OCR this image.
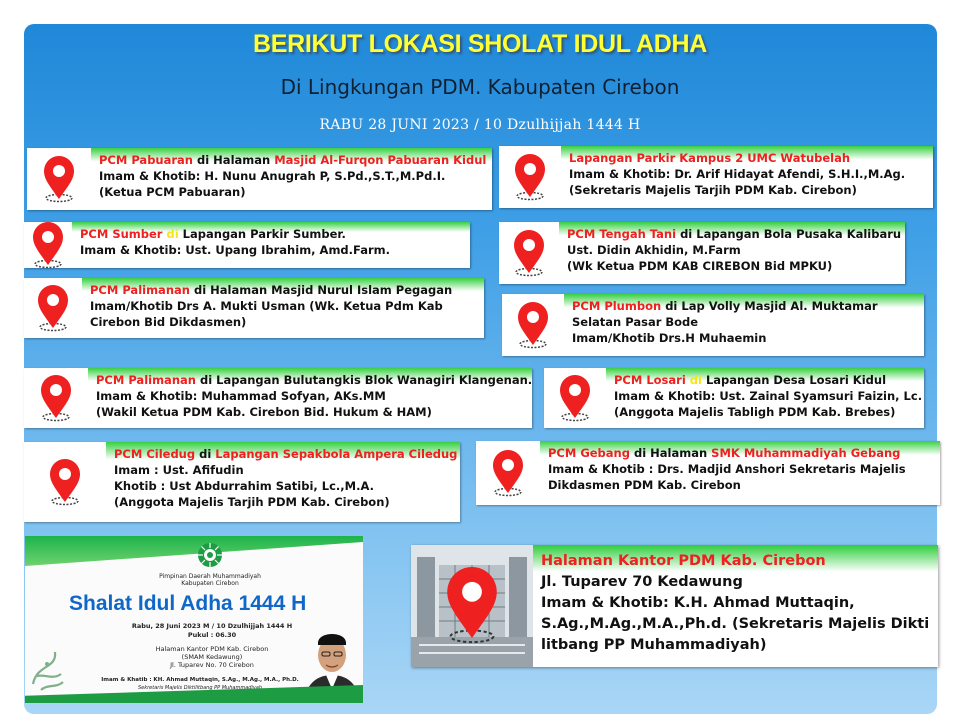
BERIKUT LOKASI SHOLAT IDUL ADHA
Di Lingkungan PDM. Kabupaten Cirebon
RABU 28 JUNI 2023 / 10 Dzulhijjah 1444 H
PCM Pabuaran di Halaman Masjid Al-Furqon Pabuaran Kidul
Imam & Khotib: H. Nunu Anugrah P, S.Pd.,S.T.,M.Pd.I.
(Ketua PCM Pabuaran)
Lapangan Parkir Kampus 2 UMC Watubelah
Imam & Khotib: Dr. Arif Hidayat Afendi, S.H.I.,M.Ag.
(Sekretaris Majelis Tarjih PDM Kab. Cirebon)
PCM Sumber di Lapangan Parkir Sumber.
Imam & Khotib: Ust. Upang Ibrahim, Amd.Farm.
PCM Tengah Tani di Lapangan Bola Pusaka Kalibaru
Ust. Didin Akhidin, M.Farm
(Wk Ketua PDM KAB CIREBON Bid MPKU)
PCM Palimanan di Halaman Masjid Nurul Islam Pegagan
Imam/Khotib Drs A. Mukti Usman (Wk. Ketua Pdm Kab
Cirebon Bid Dikdasmen)
PCM Plumbon di Lap Volly Masjid Al. Muktamar
Selatan Pasar Bode
Imam/Khotib Drs.H Muhaemin
PCM Palimanan di Lapangan Bulutangkis Blok Wanagiri Klangenan.
Imam & Khotib: Muhammad Sofyan, AKs.MM
(Wakil Ketua PDM Kab. Cirebon Bid. Hukum & HAM)
PCM Losari di Lapangan Desa Losari Kidul
Imam & Khotib: Ust. Zainal Syamsuri Faizin, Lc.
(Anggota Majelis Tabligh PDM Kab. Brebes)
PCM Ciledug di Lapangan Sepakbola Ampera Ciledug
Imam : Ust. Afifudin
Khotib : Ust Abdurrahim Satibi, Lc.,M.A.
(Anggota Majelis Tarjih PDM Kab. Cirebon)
PCM Gebang di Halaman SMK Muhammadiyah Gebang
Imam & Khotib : Drs. Madjid Anshori Sekretaris Majelis
Dikdasmen PDM Kab. Cirebon
Pimpinan Daerah Muhammadiyah
Kabupaten Cirebon
Shalat Idul Adha 1444 H
Rabu, 28 Juni 2023 M / 10 Dzulhijjah 1444 H
Pukul : 06.30
Halaman Kantor PDM Kab. Cirebon
(SMAM Kedawung)
Jl. Tuparev No. 70 Cirebon
Imam & Khatib : KH. Ahmad Muttaqin, S.Ag., M.Ag., M.A., Ph.D.
Sekretaris Majelis Diktilitbang PP Muhammadiyah
Halaman Kantor PDM Kab. Cirebon
Jl. Tuparev 70 Kedawung
Imam & Khotib: K.H. Ahmad Muttaqin,
S.Ag.,M.Ag.,M.A.,Ph.d. (Sekretaris Majelis Dikti
litbang PP Muhammadiyah)
